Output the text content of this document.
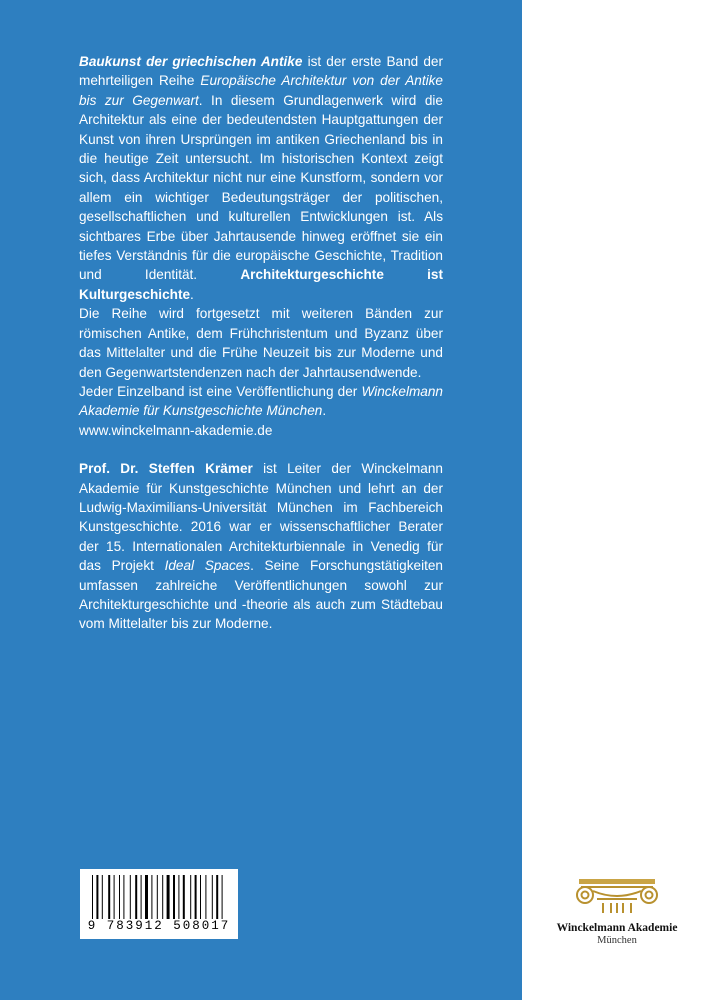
Baukunst der griechischen Antike ist der erste Band der mehrteiligen Reihe Europäische Architektur von der Antike bis zur Gegenwart. In diesem Grundlagenwerk wird die Architektur als eine der bedeutendsten Hauptgattungen der Kunst von ihren Ursprüngen im antiken Griechenland bis in die heutige Zeit untersucht. Im historischen Kontext zeigt sich, dass Architektur nicht nur eine Kunstform, sondern vor allem ein wichtiger Bedeutungsträger der politischen, gesellschaftlichen und kulturellen Entwicklungen ist. Als sichtbares Erbe über Jahrtausende hinweg eröffnet sie ein tiefes Verständnis für die europäische Geschichte, Tradition und Identität. Architekturgeschichte ist Kulturgeschichte.

Die Reihe wird fortgesetzt mit weiteren Bänden zur römischen Antike, dem Frühchristentum und Byzanz über das Mittelalter und die Frühe Neuzeit bis zur Moderne und den Gegenwartstendenzen nach der Jahrtausendwende.

Jeder Einzelband ist eine Veröffentlichung der Winckelmann Akademie für Kunstgeschichte München.

www.winckelmann-akademie.de

Prof. Dr. Steffen Krämer ist Leiter der Winckelmann Akademie für Kunstgeschichte München und lehrt an der Ludwig-Maximilians-Universität München im Fachbereich Kunstgeschichte. 2016 war er wissenschaftlicher Berater der 15. Internationalen Architekturbiennale in Venedig für das Projekt Ideal Spaces. Seine Forschungstätigkeiten umfassen zahlreiche Veröffentlichungen sowohl zur Architekturgeschichte und -theorie als auch zum Städtebau vom Mittelalter bis zur Moderne.

9 783912 508017	Winckelmann Akademie
München
